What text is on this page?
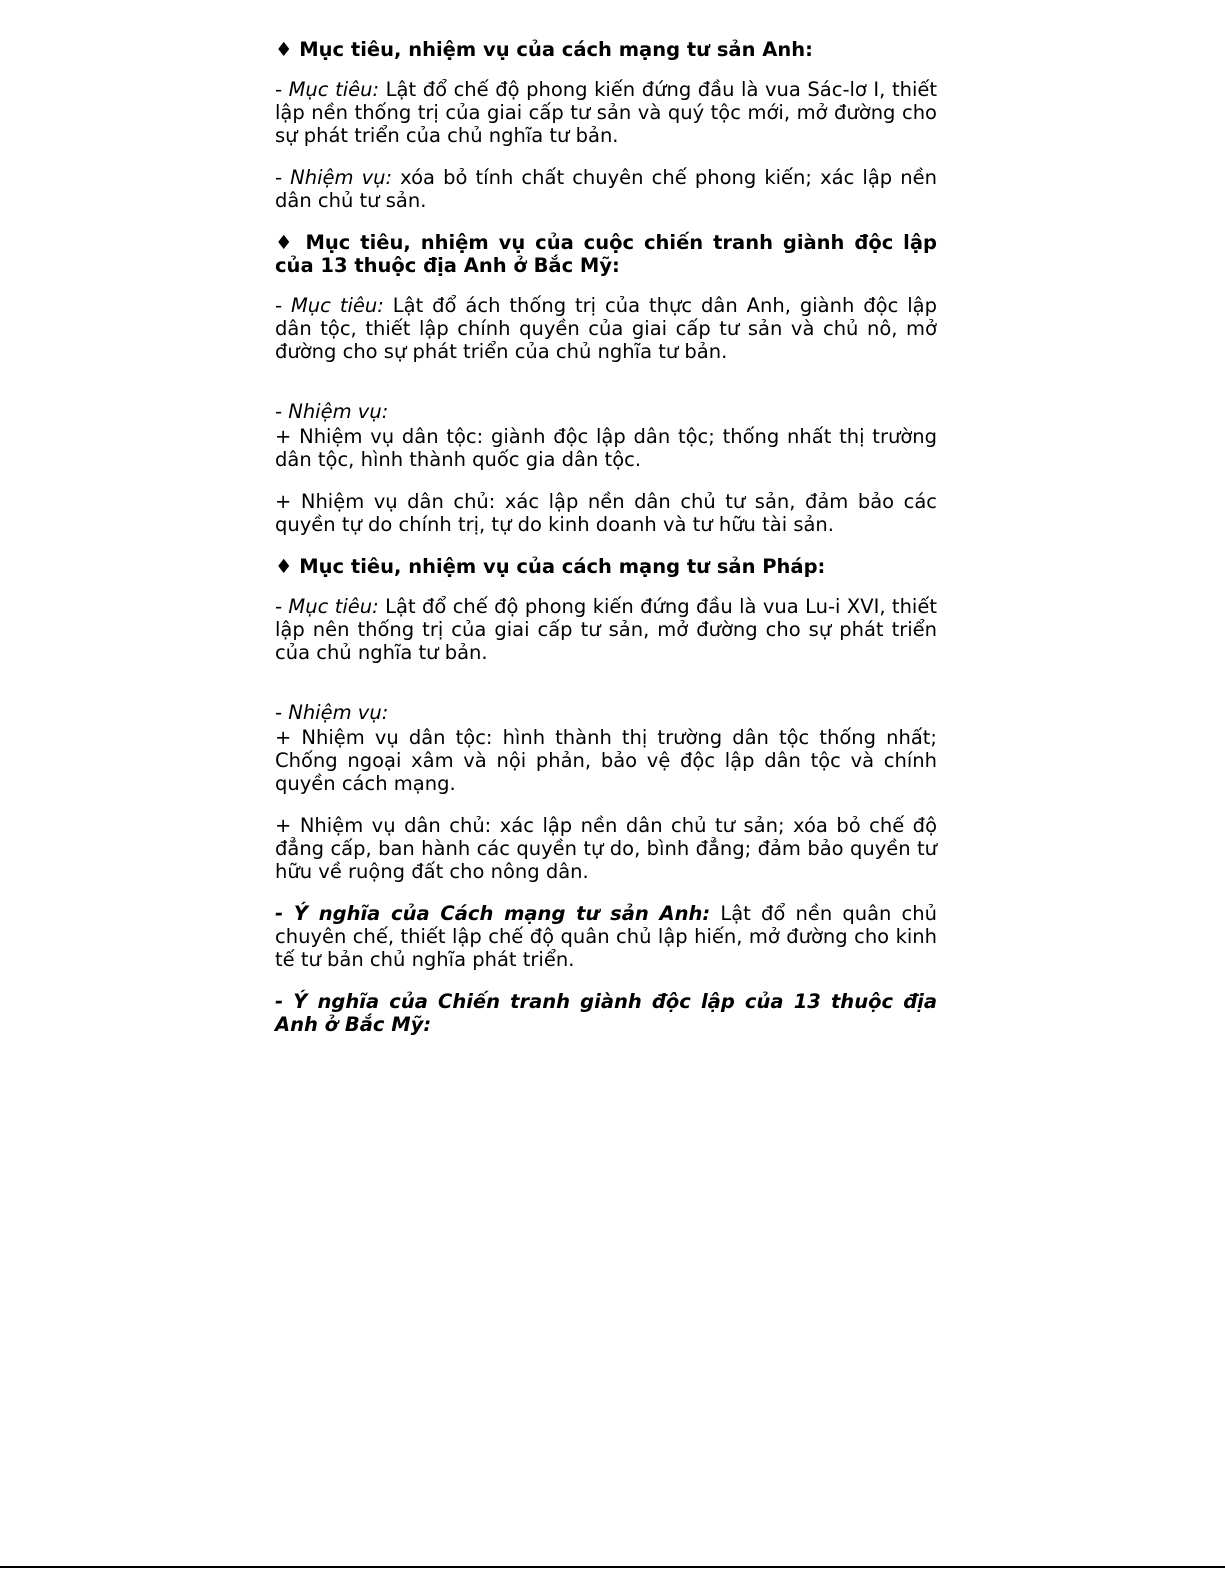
♦ Mục tiêu, nhiệm vụ của cách mạng tư sản Anh:

- Mục tiêu: Lật đổ chế độ phong kiến đứng đầu là vua Sác-lơ I, thiết lập nền thống trị của giai cấp tư sản và quý tộc mới, mở đường cho sự phát triển của chủ nghĩa tư bản.

- Nhiệm vụ: xóa bỏ tính chất chuyên chế phong kiến; xác lập nền dân chủ tư sản.

♦ Mục tiêu, nhiệm vụ của cuộc chiến tranh giành độc lập của 13 thuộc địa Anh ở Bắc Mỹ:

- Mục tiêu: Lật đổ ách thống trị của thực dân Anh, giành độc lập dân tộc, thiết lập chính quyền của giai cấp tư sản và chủ nô, mở đường cho sự phát triển của chủ nghĩa tư bản.

- Nhiệm vụ:

+ Nhiệm vụ dân tộc: giành độc lập dân tộc; thống nhất thị trường dân tộc, hình thành quốc gia dân tộc.

+ Nhiệm vụ dân chủ: xác lập nền dân chủ tư sản, đảm bảo các quyền tự do chính trị, tự do kinh doanh và tư hữu tài sản.

♦ Mục tiêu, nhiệm vụ của cách mạng tư sản Pháp:

- Mục tiêu: Lật đổ chế độ phong kiến đứng đầu là vua Lu-i XVI, thiết lập nên thống trị của giai cấp tư sản, mở đường cho sự phát triển của chủ nghĩa tư bản.

- Nhiệm vụ:

+ Nhiệm vụ dân tộc: hình thành thị trường dân tộc thống nhất; Chống ngoại xâm và nội phản, bảo vệ độc lập dân tộc và chính quyền cách mạng.

+ Nhiệm vụ dân chủ: xác lập nền dân chủ tư sản; xóa bỏ chế độ đẳng cấp, ban hành các quyền tự do, bình đẳng; đảm bảo quyền tư hữu về ruộng đất cho nông dân.

- Ý nghĩa của Cách mạng tư sản Anh: Lật đổ nền quân chủ chuyên chế, thiết lập chế độ quân chủ lập hiến, mở đường cho kinh tế tư bản chủ nghĩa phát triển.

- Ý nghĩa của Chiến tranh giành độc lập của 13 thuộc địa Anh ở Bắc Mỹ:
